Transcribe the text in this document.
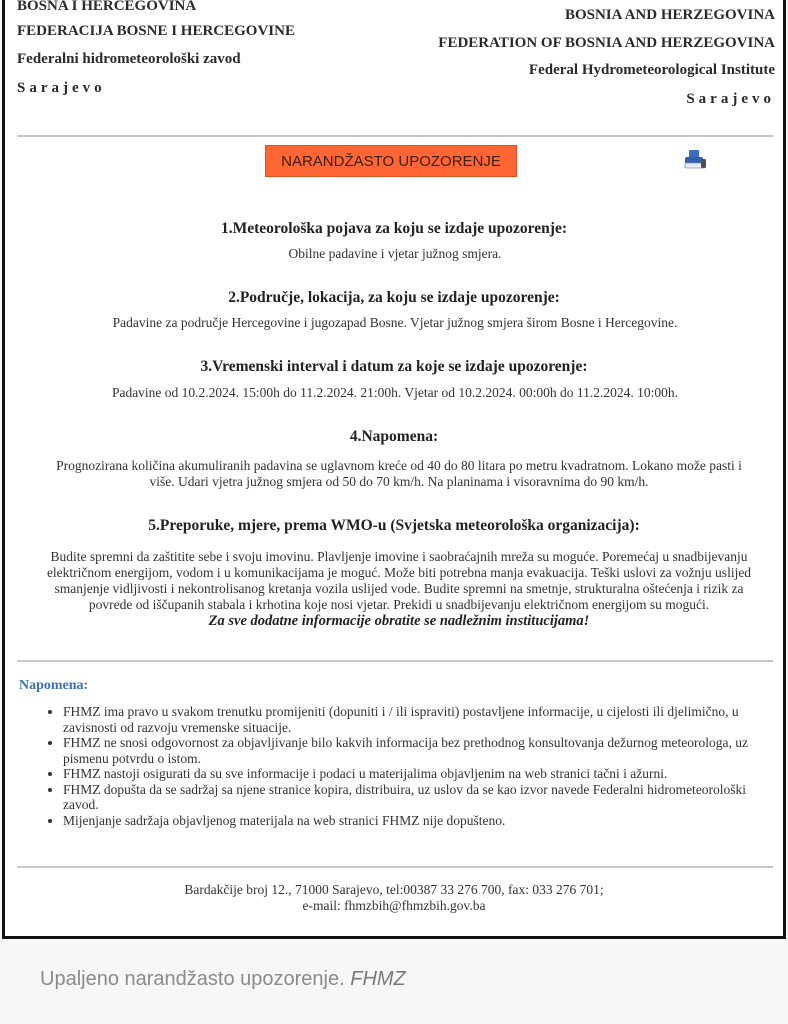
BOSNA I HERCEGOVINA
FEDERACIJA BOSNE I HERCEGOVINE
Federalni hidrometeorološki zavod
Sarajevo
BOSNIA AND HERZEGOVINA
FEDERATION OF BOSNIA AND HERZEGOVINA
Federal Hydrometeorological Institute
Sarajevo
NARANDŽASTO UPOZORENJE
1.Meteorološka pojava za koju se izdaje upozorenje:
Obilne padavine i vjetar južnog smjera.
2.Područje, lokacija, za koju se izdaje upozorenje:
Padavine za područje Hercegovine i jugozapad Bosne. Vjetar južnog smjera širom Bosne i Hercegovine.
3.Vremenski interval i datum za koje se izdaje upozorenje:
Padavine od 10.2.2024. 15:00h do 11.2.2024. 21:00h. Vjetar od 10.2.2024. 00:00h do 11.2.2024. 10:00h.
4.Napomena:
Prognozirana količina akumuliranih padavina se uglavnom kreće od 40 do 80 litara po metru kvadratnom. Lokano može pasti i više. Udari vjetra južnog smjera od 50 do 70 km/h. Na planinama i visoravnima do 90 km/h.
5.Preporuke, mjere, prema WMO-u (Svjetska meteorološka organizacija):
Budite spremni da zaštitite sebe i svoju imovinu. Plavljenje imovine i saobraćajnih mreža su moguće. Poremećaj u snadbijevanju električnom energijom, vodom i u komunikacijama je moguć. Može biti potrebna manja evakuacija. Teški uslovi za vožnju uslijed smanjenje vidljivosti i nekontrolisanog kretanja vozila uslijed vode. Budite spremni na smetnje, strukturalna oštećenja i rizik za povrede od iščupanih stabala i krhotina koje nosi vjetar. Prekidi u snadbijevanju električnom energijom su mogući.
Za sve dodatne informacije obratite se nadležnim institucijama!
Napomena:
• FHMZ ima pravo u svakom trenutku promijeniti (dopuniti i / ili ispraviti) postavljene informacije, u cijelosti ili djelimično, u zavisnosti od razvoju vremenske situacije.
• FHMZ ne snosi odgovornost za objavljivanje bilo kakvih informacija bez prethodnog konsultovanja dežurnog meteorologa, uz pismenu potvrdu o istom.
• FHMZ nastoji osigurati da su sve informacije i podaci u materijalima objavljenim na web stranici tačni i ažurni.
• FHMZ dopušta da se sadržaj sa njene stranice kopira, distribuira, uz uslov da se kao izvor navede Federalni hidrometeorološki zavod.
• Mijenjanje sadržaja objavljenog materijala na web stranici FHMZ nije dopušteno.
Bardakčije broj 12., 71000 Sarajevo, tel:00387 33 276 700, fax: 033 276 701;
e-mail: fhmzbih@fhmzbih.gov.ba
Upaljeno narandžasto upozorenje. FHMZ
